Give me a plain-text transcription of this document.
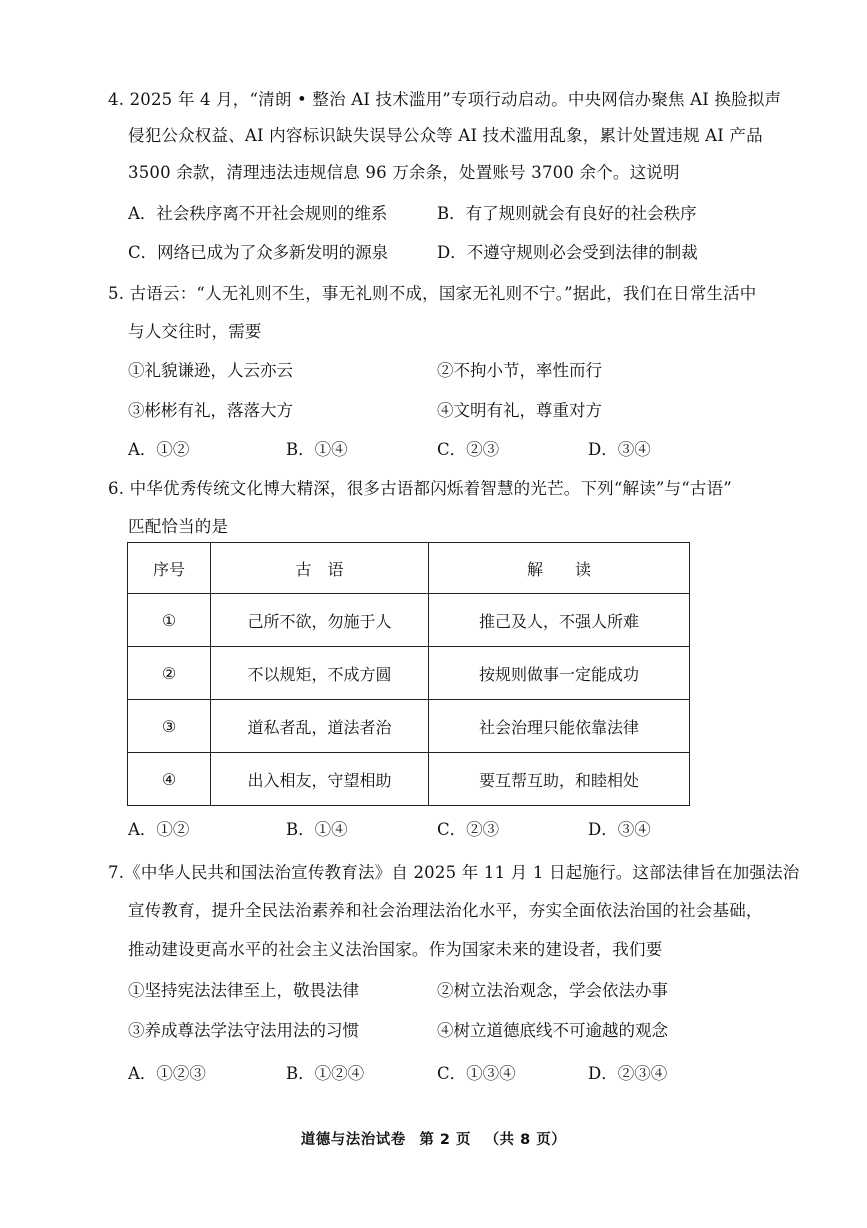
4. 2025 年 4 月，“清朗 • 整治 AI 技术滥用”专项行动启动。中央网信办聚焦 AI 换脸拟声
侵犯公众权益、AI 内容标识缺失误导公众等 AI 技术滥用乱象，累计处置违规 AI 产品
3500 余款，清理违法违规信息 96 万余条，处置账号 3700 余个。这说明
A．社会秩序离不开社会规则的维系	B．有了规则就会有良好的社会秩序
C．网络已成为了众多新发明的源泉	D．不遵守规则必会受到法律的制裁
5. 古语云：“人无礼则不生，事无礼则不成，国家无礼则不宁。”据此，我们在日常生活中
与人交往时，需要
①礼貌谦逊，人云亦云	②不拘小节，率性而行
③彬彬有礼，落落大方	④文明有礼，尊重对方
A．①②	B．①④	C．②③	D．③④
6. 中华优秀传统文化博大精深，很多古语都闪烁着智慧的光芒。下列“解读”与“古语”
匹配恰当的是
序号	古　语	解　　读
①	己所不欲，勿施于人	推己及人，不强人所难
②	不以规矩，不成方圆	按规则做事一定能成功
③	道私者乱，道法者治	社会治理只能依靠法律
④	出入相友，守望相助	要互帮互助，和睦相处
A．①②	B．①④	C．②③	D．③④
7.《中华人民共和国法治宣传教育法》自 2025 年 11 月 1 日起施行。这部法律旨在加强法治
宣传教育，提升全民法治素养和社会治理法治化水平，夯实全面依法治国的社会基础，
推动建设更高水平的社会主义法治国家。作为国家未来的建设者，我们要
①坚持宪法法律至上，敬畏法律	②树立法治观念，学会依法办事
③养成尊法学法守法用法的习惯	④树立道德底线不可逾越的观念
A．①②③	B．①②④	C．①③④	D．②③④
道德与法治试卷 第 2 页 （共 8 页）
